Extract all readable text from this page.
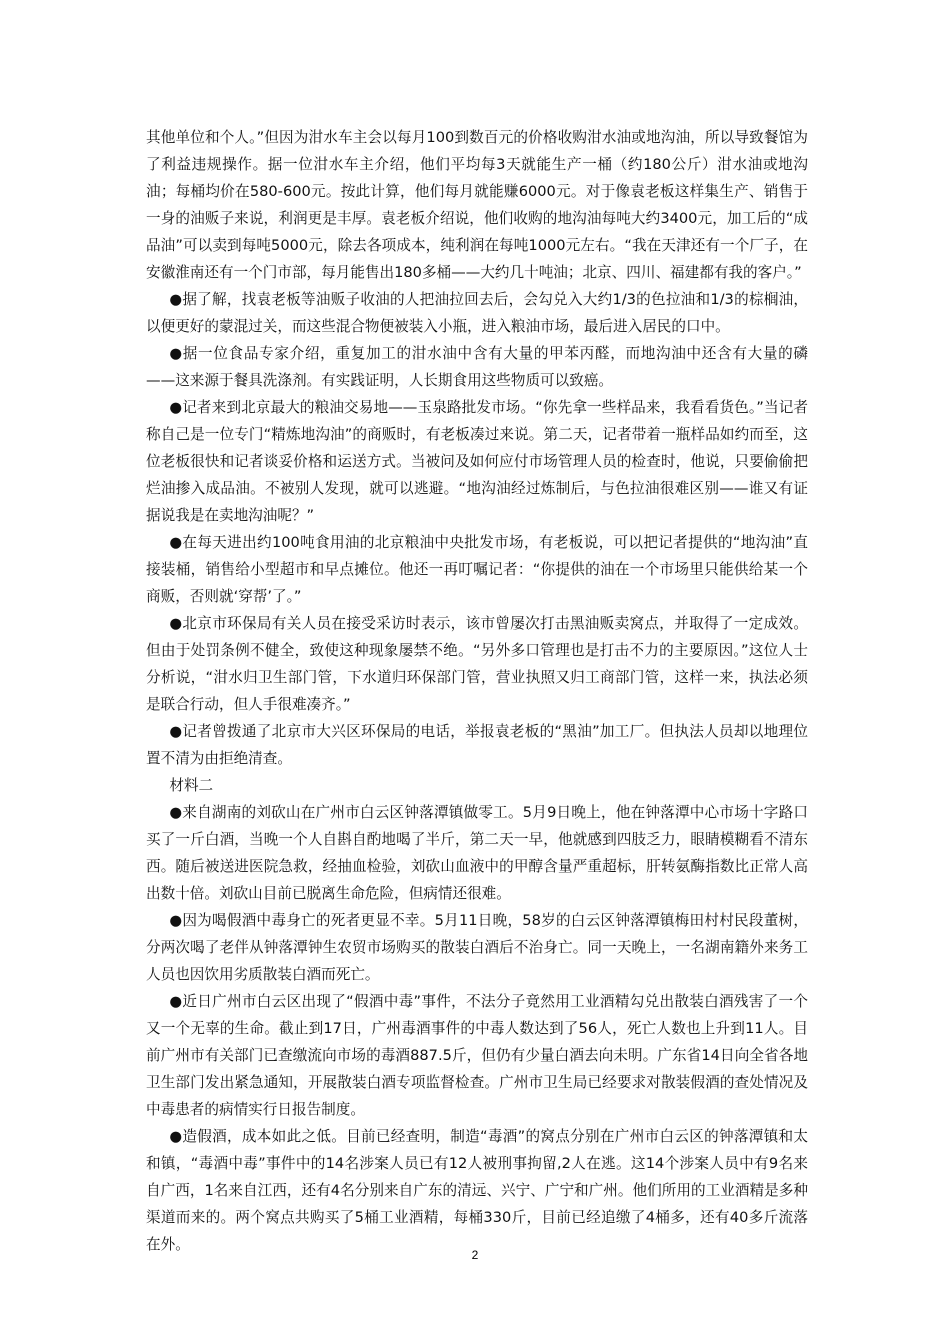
其他单位和个人。”但因为泔水车主会以每月100到数百元的价格收购泔水油或地沟油，所以导致餐馆为了利益违规操作。据一位泔水车主介绍，他们平均每3天就能生产一桶（约180公斤）泔水油或地沟油；每桶均价在580-600元。按此计算，他们每月就能赚6000元。对于像袁老板这样集生产、销售于一身的油贩子来说，利润更是丰厚。袁老板介绍说，他们收购的地沟油每吨大约3400元，加工后的“成品油”可以卖到每吨5000元，除去各项成本，纯利润在每吨1000元左右。“我在天津还有一个厂子，在安徽淮南还有一个门市部，每月能售出180多桶——大约几十吨油；北京、四川、福建都有我的客户。”

●据了解，找袁老板等油贩子收油的人把油拉回去后，会勾兑入大约1/3的色拉油和1/3的棕榈油，以便更好的蒙混过关，而这些混合物便被装入小瓶，进入粮油市场，最后进入居民的口中。

●据一位食品专家介绍，重复加工的泔水油中含有大量的甲苯丙醛，而地沟油中还含有大量的磷——这来源于餐具洗涤剂。有实践证明，人长期食用这些物质可以致癌。

●记者来到北京最大的粮油交易地——玉泉路批发市场。“你先拿一些样品来，我看看货色。”当记者称自己是一位专门“精炼地沟油”的商贩时，有老板凑过来说。第二天，记者带着一瓶样品如约而至，这位老板很快和记者谈妥价格和运送方式。当被问及如何应付市场管理人员的检查时，他说，只要偷偷把烂油掺入成品油。不被别人发现，就可以逃避。“地沟油经过炼制后，与色拉油很难区别——谁又有证据说我是在卖地沟油呢？”

●在每天进出约100吨食用油的北京粮油中央批发市场，有老板说，可以把记者提供的“地沟油”直接装桶，销售给小型超市和早点摊位。他还一再叮嘱记者：“你提供的油在一个市场里只能供给某一个商贩，否则就‘穿帮’了。”

●北京市环保局有关人员在接受采访时表示，该市曾屡次打击黑油贩卖窝点，并取得了一定成效。但由于处罚条例不健全，致使这种现象屡禁不绝。“另外多口管理也是打击不力的主要原因。”这位人士分析说，“泔水归卫生部门管，下水道归环保部门管，营业执照又归工商部门管，这样一来，执法必须是联合行动，但人手很难凑齐。”

●记者曾拨通了北京市大兴区环保局的电话，举报袁老板的“黑油”加工厂。但执法人员却以地理位置不清为由拒绝清查。

材料二

●来自湖南的刘砍山在广州市白云区钟落潭镇做零工。5月9日晚上，他在钟落潭中心市场十字路口买了一斤白酒，当晚一个人自斟自酌地喝了半斤，第二天一早，他就感到四肢乏力，眼睛模糊看不清东西。随后被送进医院急救，经抽血检验，刘砍山血液中的甲醇含量严重超标，肝转氨酶指数比正常人高出数十倍。刘砍山目前已脱离生命危险，但病情还很难。

●因为喝假酒中毒身亡的死者更显不幸。5月11日晚，58岁的白云区钟落潭镇梅田村村民段董树，分两次喝了老伴从钟落潭钟生农贸市场购买的散装白酒后不治身亡。同一天晚上，一名湖南籍外来务工人员也因饮用劣质散装白酒而死亡。

●近日广州市白云区出现了“假酒中毒”事件，不法分子竟然用工业酒精勾兑出散装白酒残害了一个又一个无辜的生命。截止到17日，广州毒酒事件的中毒人数达到了56人，死亡人数也上升到11人。目前广州市有关部门已查缴流向市场的毒酒887.5斤，但仍有少量白酒去向未明。广东省14日向全省各地卫生部门发出紧急通知，开展散装白酒专项监督检查。广州市卫生局已经要求对散装假酒的查处情况及中毒患者的病情实行日报告制度。

●造假酒，成本如此之低。目前已经查明，制造“毒酒”的窝点分别在广州市白云区的钟落潭镇和太和镇，“毒酒中毒”事件中的14名涉案人员已有12人被刑事拘留,2人在逃。这14个涉案人员中有9名来自广西，1名来自江西，还有4名分别来自广东的清远、兴宁、广宁和广州。他们所用的工业酒精是多种渠道而来的。两个窝点共购买了5桶工业酒精，每桶330斤，目前已经追缴了4桶多，还有40多斤流落在外。

2
